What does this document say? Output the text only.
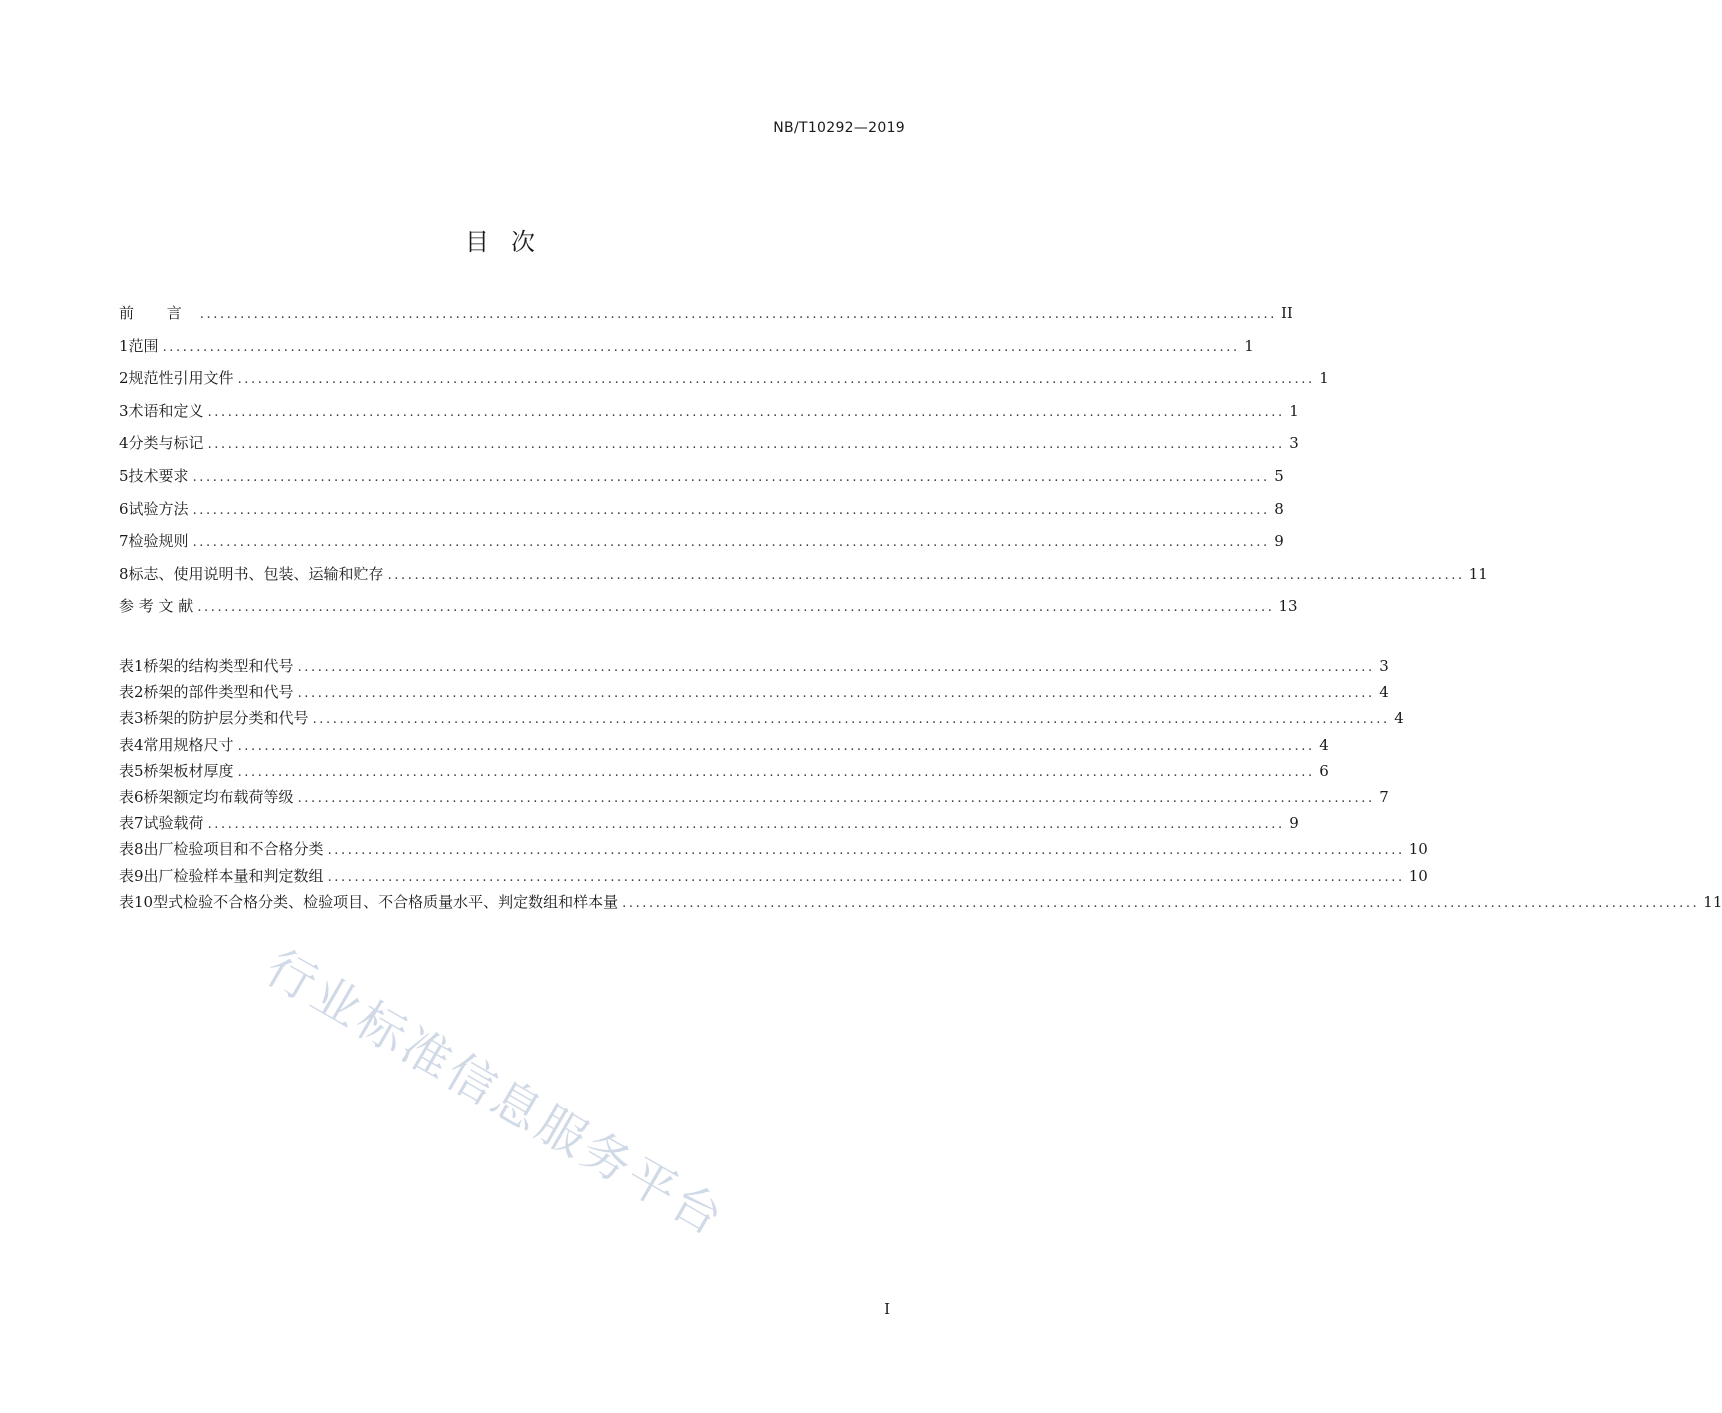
NB/T10292—2019
目次
前 言 ................................................................................................................................................................ II
1 范围 ................................................................................................................................................................ 1
2 规范性引用文件 ................................................................................................................................................................ 1
3 术语和定义 ................................................................................................................................................................ 1
4 分类与标记 ................................................................................................................................................................ 3
5 技术要求 ................................................................................................................................................................ 5
6 试验方法 ................................................................................................................................................................ 8
7 检验规则 ................................................................................................................................................................ 9
8 标志、使用说明书、包装、运输和贮存 ................................................................................................................................................................ 11
参 考 文 献 ................................................................................................................................................................ 13
表1 桥架的结构类型和代号 ................................................................................................................................................................ 3
表2 桥架的部件类型和代号 ................................................................................................................................................................ 4
表3 桥架的防护层分类和代号 ................................................................................................................................................................ 4
表4 常用规格尺寸 ................................................................................................................................................................ 4
表5 桥架板材厚度 ................................................................................................................................................................ 6
表6 桥架额定均布载荷等级 ................................................................................................................................................................ 7
表7 试验载荷 ................................................................................................................................................................ 9
表8 出厂检验项目和不合格分类 ................................................................................................................................................................ 10
表9 出厂检验样本量和判定数组 ................................................................................................................................................................ 10
表10 型式检验不合格分类、检验项目、不合格质量水平、判定数组和样本量 ................................................................................................................................................................ 11
行业标准信息服务平台
I
